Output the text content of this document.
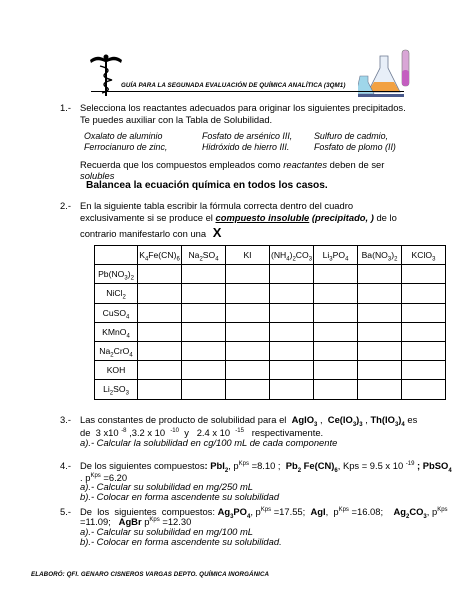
GUÍA PARA LA SEGUNADA EVALUACIÓN DE QUÍMICA ANALÍTICA (3QM1)
1.- Selecciona los reactantes adecuados para originar los siguientes precipitados.
Te puedes auxiliar con la Tabla de Solubilidad.
Oxalato de aluminio	Fosfato de arsénico III, Sulfuro de cadmio,
Ferrocianuro de zinc,	Hidróxido de hierro III.	Fosfato de plomo (II)
Recuerda que los compuestos empleados como reactantes deben de ser
solubles
Balancea la ecuación química en todos los casos.
2.- En la siguiente tabla escribir la fórmula correcta dentro del cuadro
exclusivamente si se produce el compuesto insoluble (precipitado, ) de lo
contrario manifestarlo con una X
	$K_4Fe(CN)_6$	$Na_2SO_4$	KI	$(NH_4)_2CO_3$	$Li_3PO_4$	$Ba(NO_3)_2$	KClO$_3$
$Pb(NO_3)_2$							
NiCl$_2$							
CuSO$_4$							
KMnO$_4$							
$Na_2CrO_4$							
KOH							
$Li_2SO_3$							
3.- Las constantes de producto de solubilidad para el AgIO$_3$ ,  $Ce(IO_3)_3$ , $Th(IO_3)_4$ es
de  3 x10 $^{-8}$ ,3.2 x 10  $^{-10}$  y   2.4 x 10  $^{-15}$   respectivamente.
a).- Calcular la solubilidad en cg/100 mL de cada componente
4.- De los siguientes compuestos: PbI$_2$, $p^{Kps} =8.10$ ;  $Pb_2$ $Fe(CN)_6$, Kps = 9.5 x 10 $^{-19}$ ; PbSO$_4$
. $p^{Kps} =6.20$
a).- Calcular su solubilidad en mg/250 mL
b).- Colocar en forma ascendente su solubilidad
5.- De  los  siguientes  compuestos: $Ag_3PO_4$, $p^{Kps} =17.55$;  AgI,  $p^{Kps} =16.08$;    $Ag_2CO_3$, $p^{Kps}$
=11.09;   AgBr $p^{Kps} =12.30$
a).- Calcular su solubilidad en mg/100 mL
b).- Colocar en forma ascendente su solubilidad.
ELABORÓ: QFI. GENARO CISNEROS VARGAS DEPTO. QUÍMICA INORGÁNICA
